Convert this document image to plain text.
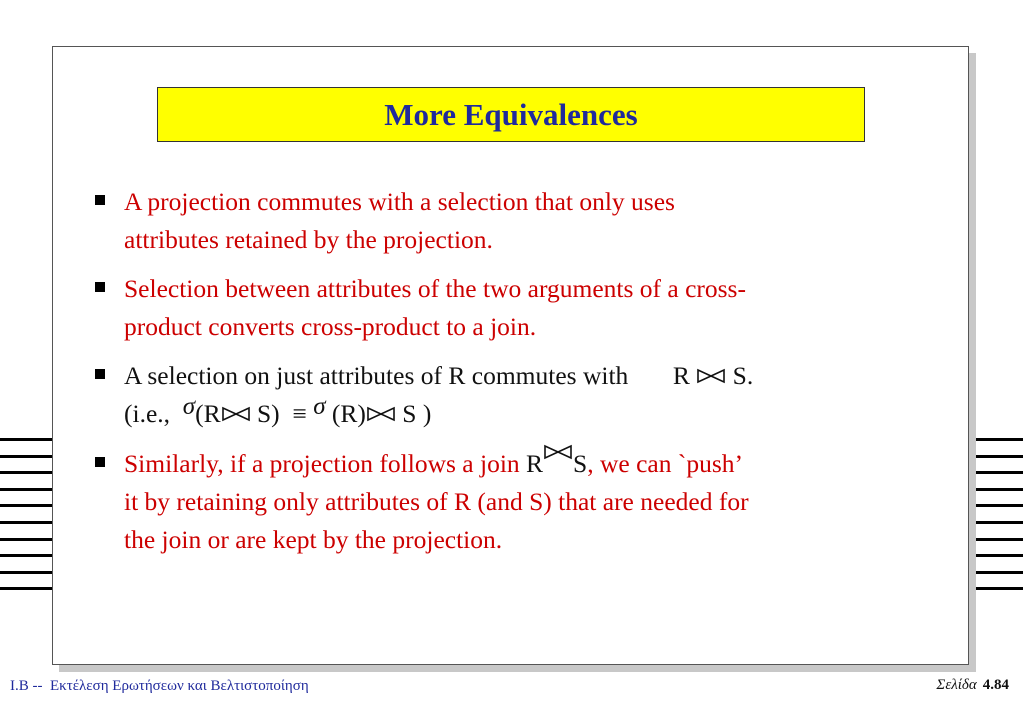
More Equivalences

A projection commutes with a selection that only uses

attributes retained by the projection.

Selection between attributes of the two arguments of a cross-

product converts cross-product to a join.

A selection on just attributes of R commutes with R S.

(i.e., σ(R S) ≡ σ (R) S )

Similarly, if a projection follows a join R S, we can `push’

it by retaining only attributes of R (and S) that are needed for

the join or are kept by the projection.

I.B --  Εκτέλεση Ερωτήσεων και Βελτιστοποίηση	Σελίδα 4.84
